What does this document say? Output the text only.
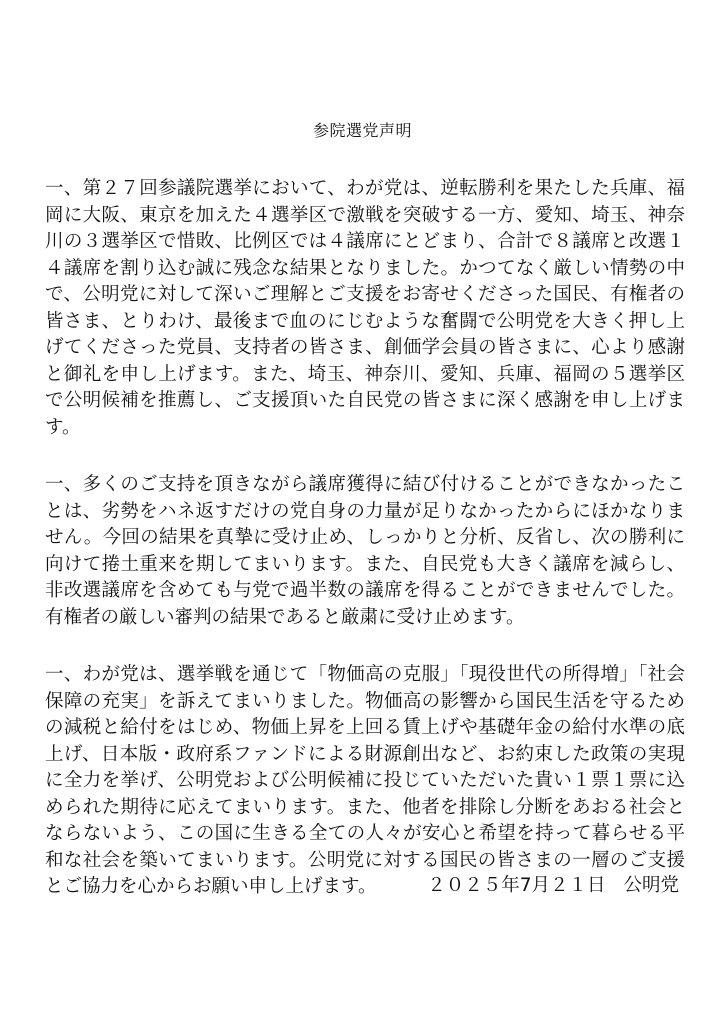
参院選党声明

一、第２７回参議院選挙において、わが党は、逆転勝利を果たした兵庫、福岡に大阪、東京を加えた４選挙区で激戦を突破する一方、愛知、埼玉、神奈川の３選挙区で惜敗、比例区では４議席にとどまり、合計で８議席と改選１４議席を割り込む誠に残念な結果となりました。かつてなく厳しい情勢の中で、公明党に対して深いご理解とご支援をお寄せくださった国民、有権者の皆さま、とりわけ、最後まで血のにじむような奮闘で公明党を大きく押し上げてくださった党員、支持者の皆さま、創価学会員の皆さまに、心より感謝と御礼を申し上げます。また、埼玉、神奈川、愛知、兵庫、福岡の５選挙区で公明候補を推薦し、ご支援頂いた自民党の皆さまに深く感謝を申し上げます。

一、多くのご支持を頂きながら議席獲得に結び付けることができなかったことは、劣勢をハネ返すだけの党自身の力量が足りなかったからにほかなりません。今回の結果を真摯に受け止め、しっかりと分析、反省し、次の勝利に向けて捲土重来を期してまいります。また、自民党も大きく議席を減らし、非改選議席を含めても与党で過半数の議席を得ることができませんでした。有権者の厳しい審判の結果であると厳粛に受け止めます。

一、わが党は、選挙戦を通じて「物価高の克服」「現役世代の所得増」「社会保障の充実」を訴えてまいりました。物価高の影響から国民生活を守るための減税と給付をはじめ、物価上昇を上回る賃上げや基礎年金の給付水準の底上げ、日本版・政府系ファンドによる財源創出など、お約束した政策の実現に全力を挙げ、公明党および公明候補に投じていただいた貴い１票１票に込められた期待に応えてまいります。また、他者を排除し分断をあおる社会とならないよう、この国に生きる全ての人々が安心と希望を持って暮らせる平和な社会を築いてまいります。公明党に対する国民の皆さまの一層のご支援とご協力を心からお願い申し上げます。	２０２５年7月２１日 公明党
